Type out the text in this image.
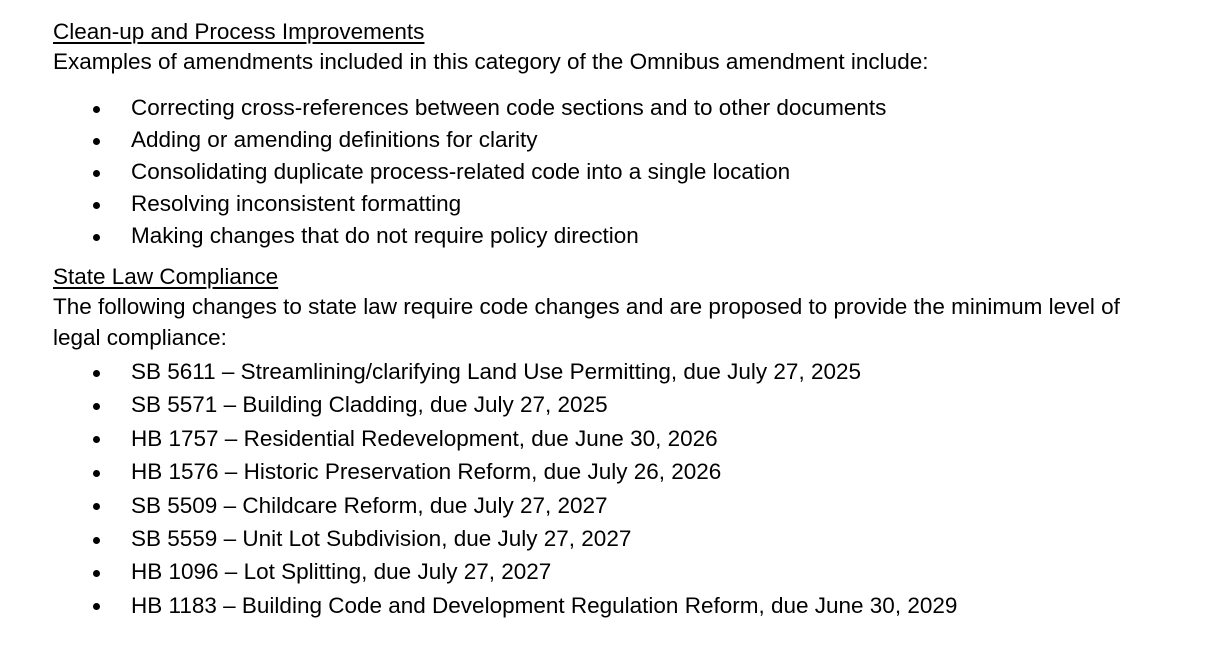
Clean-up and Process Improvements
Examples of amendments included in this category of the Omnibus amendment include:
Correcting cross-references between code sections and to other documents
Adding or amending definitions for clarity
Consolidating duplicate process-related code into a single location
Resolving inconsistent formatting
Making changes that do not require policy direction
State Law Compliance
The following changes to state law require code changes and are proposed to provide the minimum level of legal compliance:
SB 5611 – Streamlining/clarifying Land Use Permitting, due July 27, 2025
SB 5571 – Building Cladding, due July 27, 2025
HB 1757 – Residential Redevelopment, due June 30, 2026
HB 1576 – Historic Preservation Reform, due July 26, 2026
SB 5509 – Childcare Reform, due July 27, 2027
SB 5559 – Unit Lot Subdivision, due July 27, 2027
HB 1096 – Lot Splitting, due July 27, 2027
HB 1183 – Building Code and Development Regulation Reform, due June 30, 2029
